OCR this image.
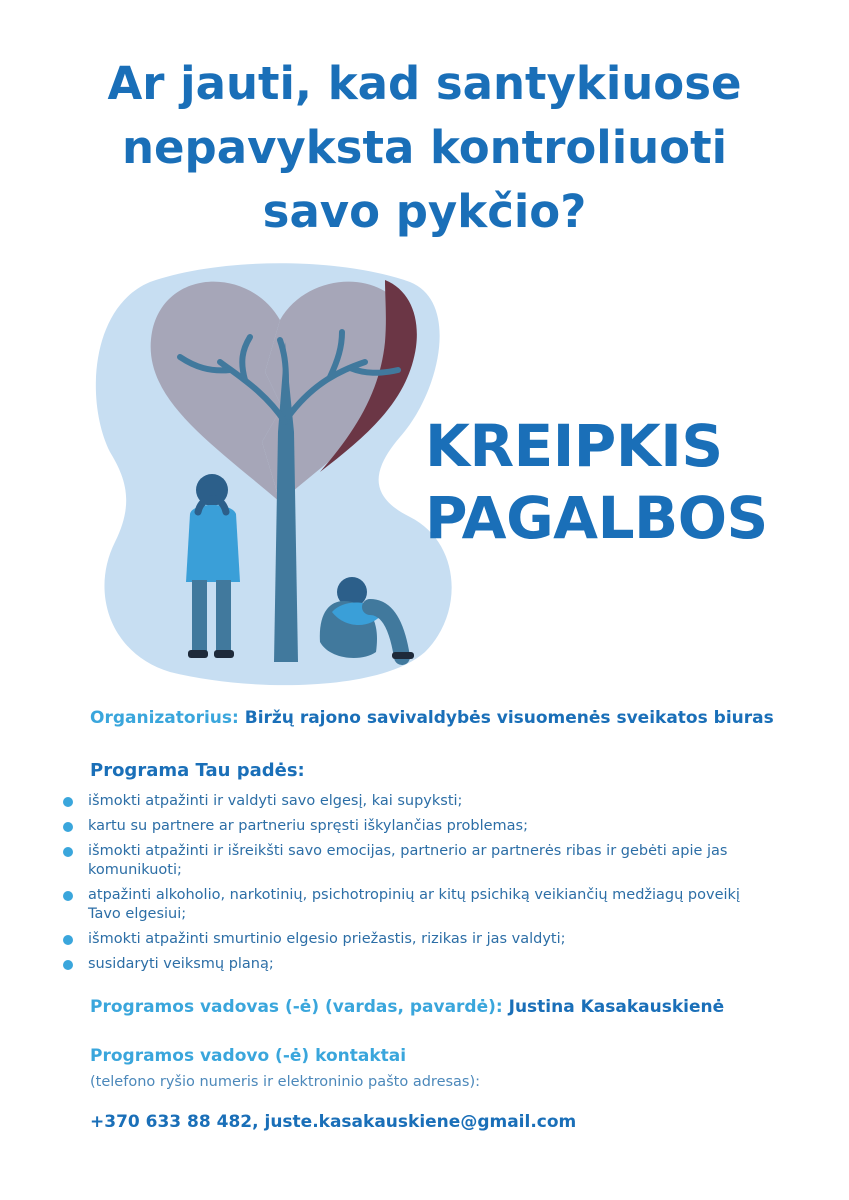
Ar jauti, kad santykiuose
nepavyksta kontroliuoti
savo pykčio?
KREIPKIS
PAGALBOS
Organizatorius: Biržų rajono savivaldybės visuomenės sveikatos biuras
Programa Tau padės:
išmokti atpažinti ir valdyti savo elgesį, kai supyksti;
kartu su partnere ar partneriu spręsti iškylančias problemas;
išmokti atpažinti ir išreikšti savo emocijas, partnerio ar partnerės ribas ir gebėti apie jas komunikuoti;
atpažinti alkoholio, narkotinių, psichotropinių ar kitų psichiką veikiančių medžiagų poveikį Tavo elgesiui;
išmokti atpažinti smurtinio elgesio priežastis, rizikas ir jas valdyti;
susidaryti veiksmų planą;
Programos vadovas (-ė) (vardas, pavardė): Justina Kasakauskienė
Programos vadovo (-ė) kontaktai
(telefono ryšio numeris ir elektroninio pašto adresas):
+370 633 88 482, juste.kasakauskiene@gmail.com
